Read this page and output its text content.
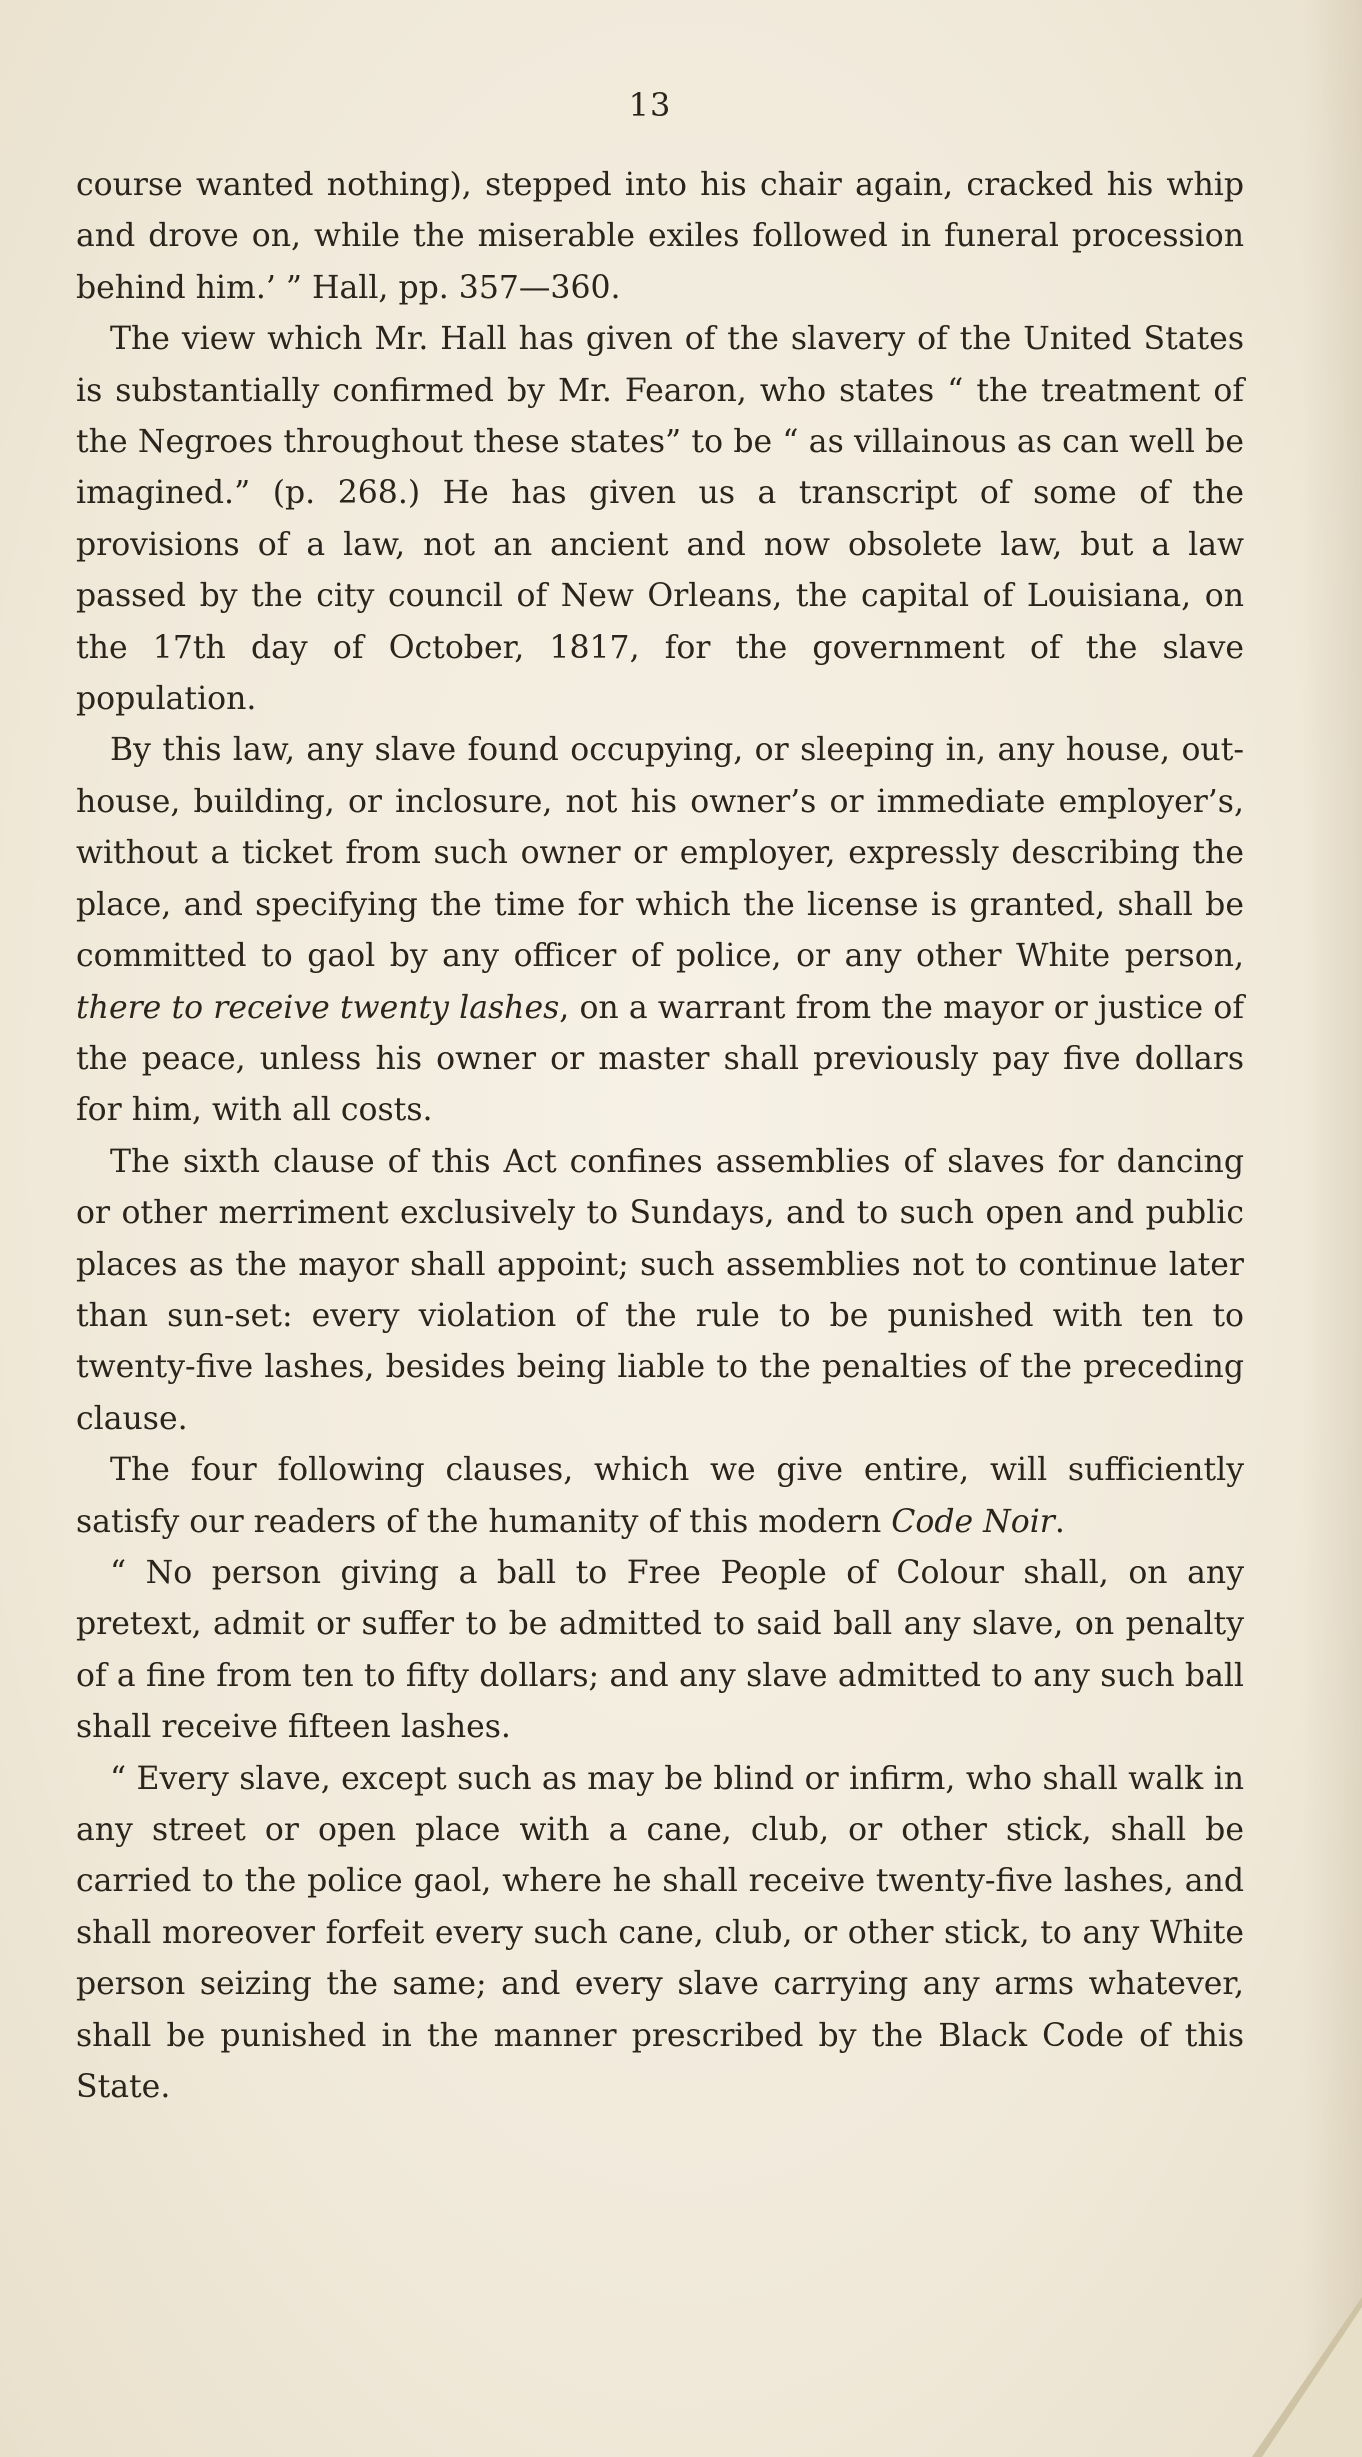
13

course wanted nothing), stepped into his chair again, cracked his whip and drove on, while the miserable exiles followed in funeral procession behind him.’ ” Hall, pp. 357—360.

The view which Mr. Hall has given of the slavery of the United States is substantially confirmed by Mr. Fearon, who states “ the treatment of the Negroes throughout these states” to be “ as villainous as can well be imagined.” (p. 268.) He has given us a transcript of some of the provisions of a law, not an ancient and now obsolete law, but a law passed by the city council of New Orleans, the capital of Louisiana, on the 17th day of October, 1817, for the government of the slave population.

By this law, any slave found occupying, or sleeping in, any house, out-house, building, or inclosure, not his owner’s or immediate employer’s, without a ticket from such owner or employer, expressly describing the place, and specifying the time for which the license is granted, shall be committed to gaol by any officer of police, or any other White person, there to receive twenty lashes, on a warrant from the mayor or justice of the peace, unless his owner or master shall previously pay five dollars for him, with all costs.

The sixth clause of this Act confines assemblies of slaves for dancing or other merriment exclusively to Sundays, and to such open and public places as the mayor shall appoint; such assemblies not to continue later than sun-set: every violation of the rule to be punished with ten to twenty-five lashes, besides being liable to the penalties of the preceding clause.

The four following clauses, which we give entire, will sufficiently satisfy our readers of the humanity of this modern Code Noir.

“ No person giving a ball to Free People of Colour shall, on any pretext, admit or suffer to be admitted to said ball any slave, on penalty of a fine from ten to fifty dollars; and any slave admitted to any such ball shall receive fifteen lashes.

“ Every slave, except such as may be blind or infirm, who shall walk in any street or open place with a cane, club, or other stick, shall be carried to the police gaol, where he shall receive twenty-five lashes, and shall moreover forfeit every such cane, club, or other stick, to any White person seizing the same; and every slave carrying any arms whatever, shall be punished in the manner prescribed by the Black Code of this State.
